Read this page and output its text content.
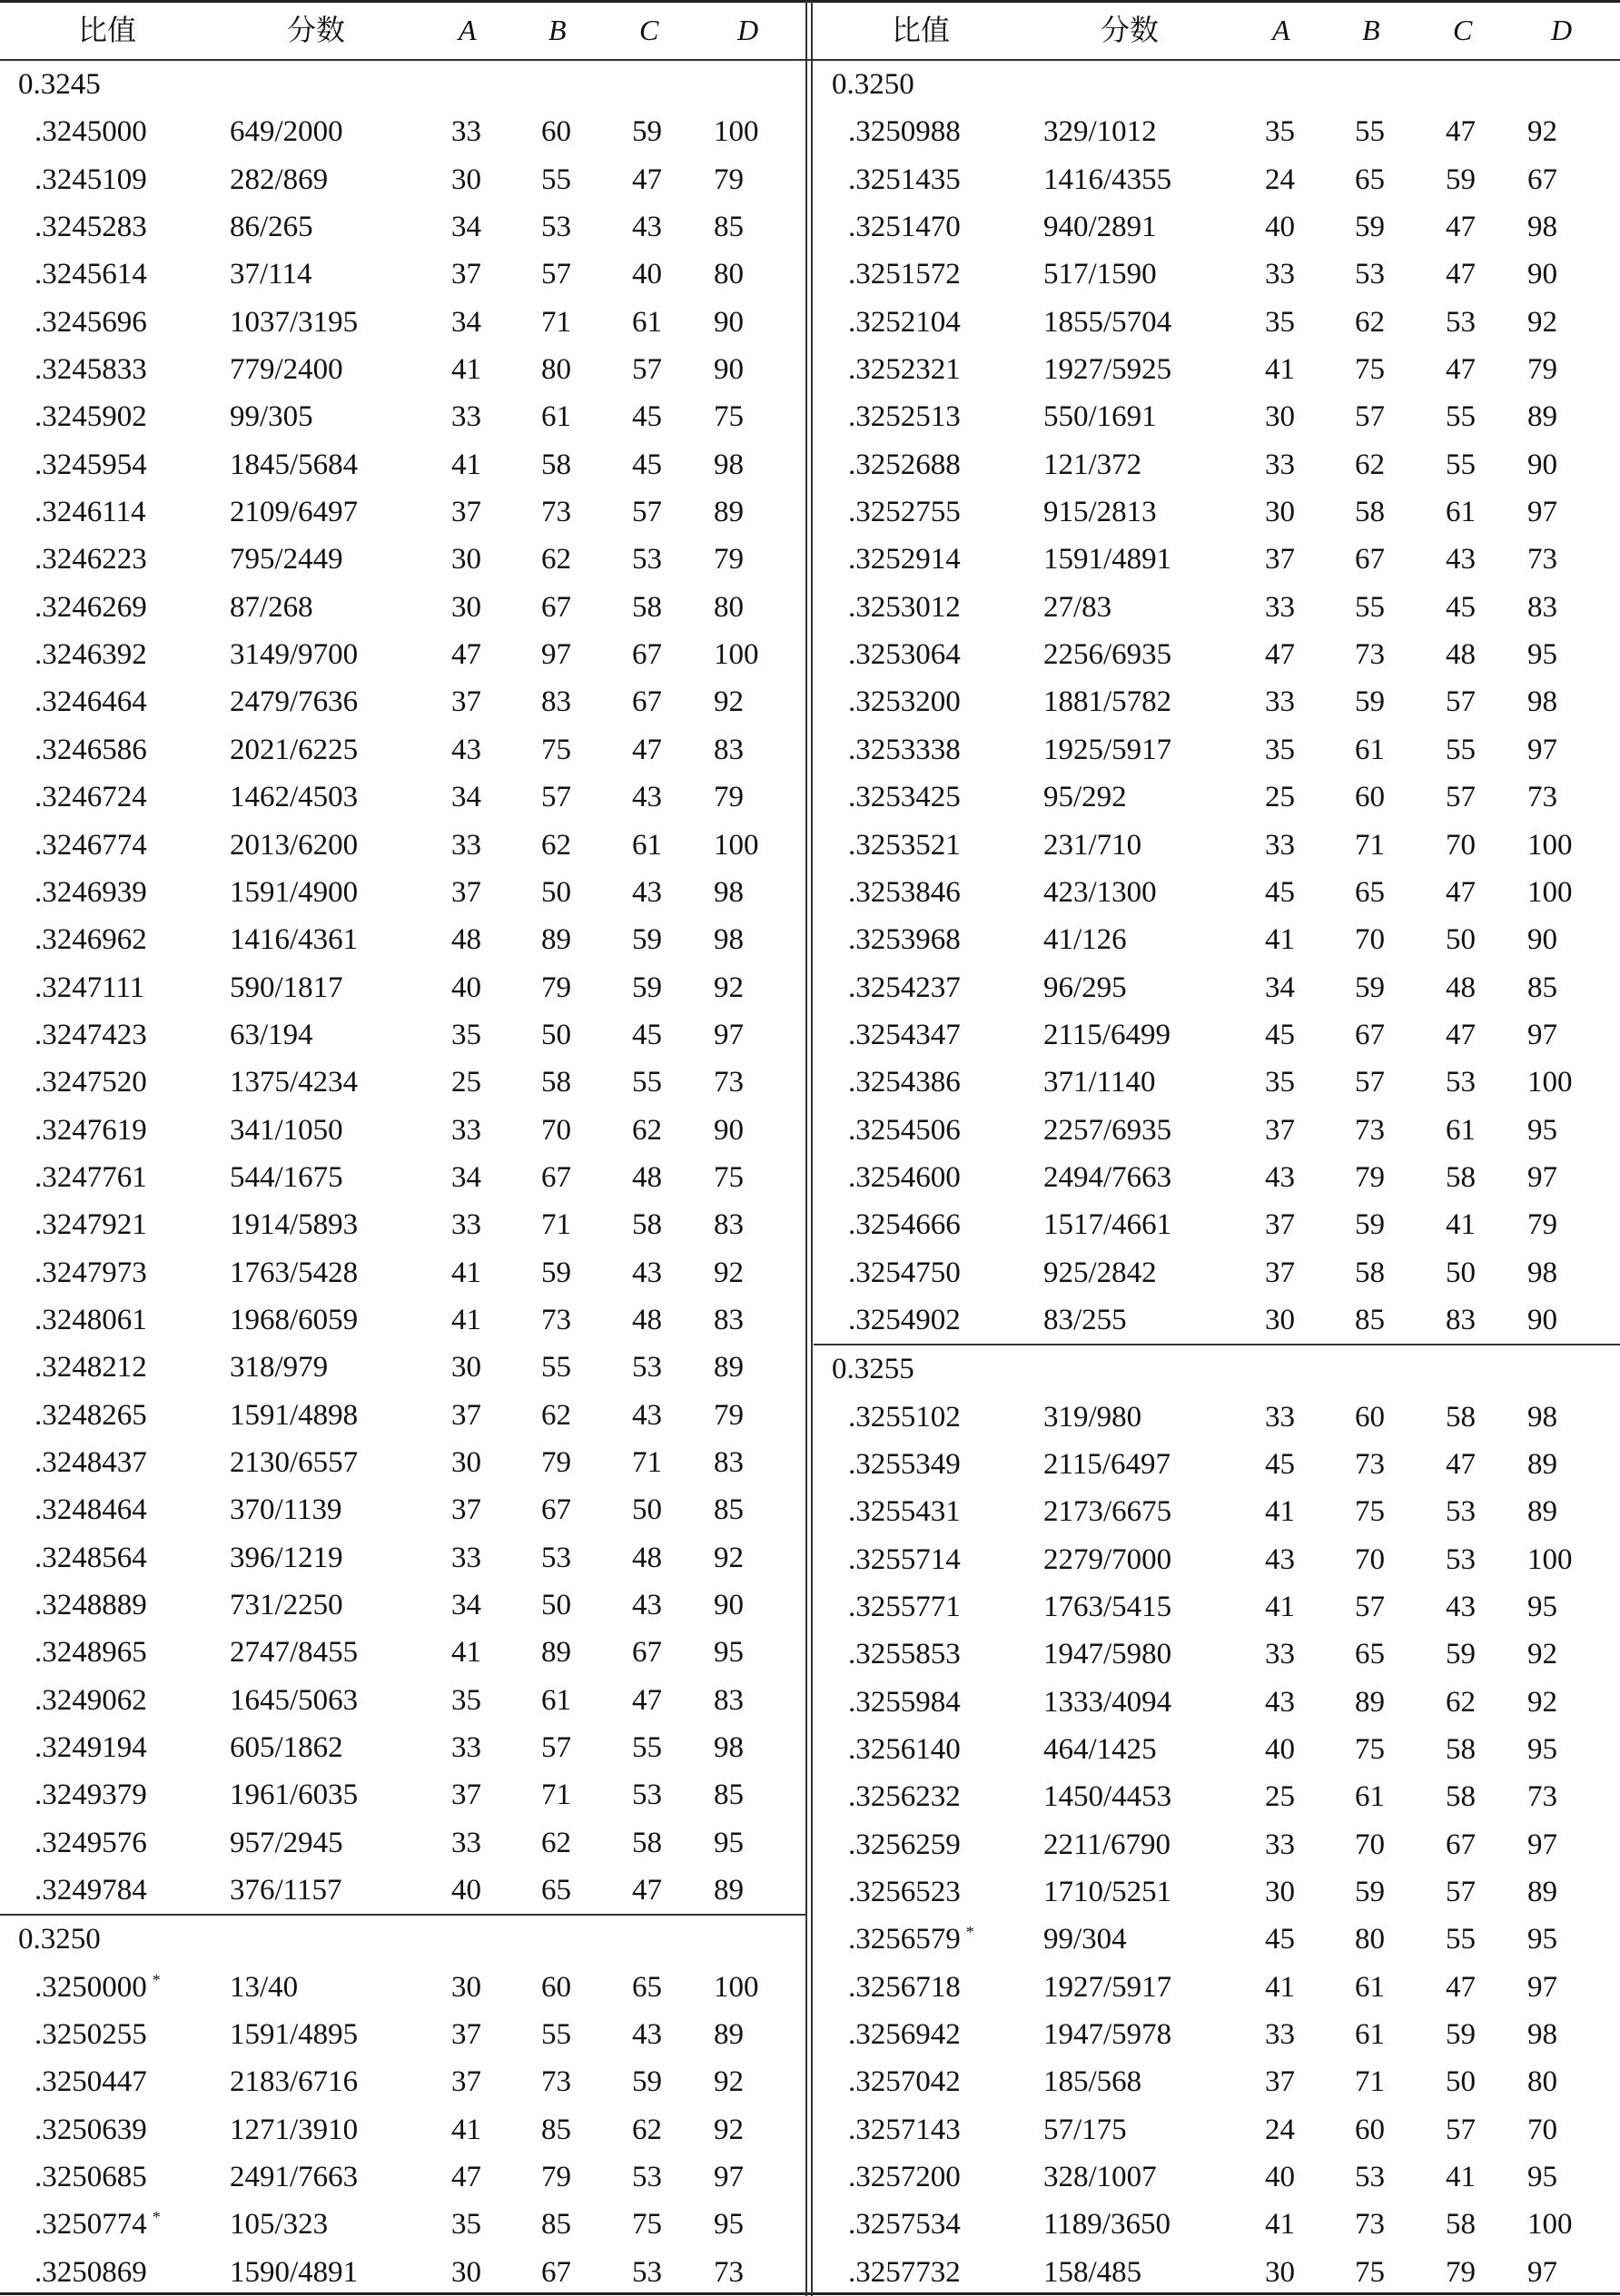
比值	分数	A B	C	D
0.3245
.3245000	649/2000	33 60 59 100
.3245109	282/869	30 55 47 79
.3245283	86/265	34 53 43 85
.3245614	37/114	37 57 40 80
.3245696	1037/3195	34 71 61 90
.3245833	779/2400	41 80 57 90
.3245902	99/305	33 61 45 75
.3245954	1845/5684	41 58 45 98
.3246114	2109/6497	37 73 57 89
.3246223	795/2449	30 62 53 79
.3246269	87/268	30 67 58 80
.3246392	3149/9700	47 97 67 100
.3246464	2479/7636	37 83 67 92
.3246586	2021/6225	43 75 47 83
.3246724	1462/4503	34 57 43 79
.3246774	2013/6200	33 62 61 100
.3246939	1591/4900	37 50 43 98
.3246962	1416/4361	48 89 59 98
.3247111	590/1817	40 79 59 92
.3247423	63/194	35 50 45 97
.3247520	1375/4234	25 58 55 73
.3247619	341/1050	33 70 62 90
.3247761	544/1675	34 67 48 75
.3247921	1914/5893	33 71 58 83
.3247973	1763/5428	41 59 43 92
.3248061	1968/6059	41 73 48 83
.3248212	318/979	30 55 53 89
.3248265	1591/4898	37 62 43 79
.3248437	2130/6557	30 79 71 83
.3248464	370/1139	37 67 50 85
.3248564	396/1219	33 53 48 92
.3248889	731/2250	34 50 43 90
.3248965	2747/8455	41 89 67 95
.3249062	1645/5063	35 61 47 83
.3249194	605/1862	33 57 55 98
.3249379	1961/6035	37 71 53 85
.3249576	957/2945	33 62 58 95
.3249784	376/1157	40 65 47 89
0.3250
.3250000 * 13/40	30 60 65 100
.3250255	1591/4895	37 55 43 89
.3250447	2183/6716	37 73 59 92
.3250639	1271/3910	41 85 62 92
.3250685	2491/7663	47 79 53 97
.3250774 * 105/323	35 85 75 95
.3250869	1590/4891	30 67 53 73
比值	分数	A B	C	D
0.3250
.3250988	329/1012	35 55 47 92
.3251435	1416/4355	24 65 59 67
.3251470	940/2891	40 59 47 98
.3251572	517/1590	33 53 47 90
.3252104	1855/5704	35 62 53 92
.3252321	1927/5925	41 75 47 79
.3252513	550/1691	30 57 55 89
.3252688	121/372	33 62 55 90
.3252755	915/2813	30 58 61 97
.3252914	1591/4891	37 67 43 73
.3253012	27/83	33 55 45 83
.3253064	2256/6935	47 73 48 95
.3253200	1881/5782	33 59 57 98
.3253338	1925/5917	35 61 55 97
.3253425	95/292	25 60 57 73
.3253521	231/710	33 71 70 100
.3253846	423/1300	45 65 47 100
.3253968	41/126	41 70 50 90
.3254237	96/295	34 59 48 85
.3254347	2115/6499	45 67 47 97
.3254386	371/1140	35 57 53 100
.3254506	2257/6935	37 73 61 95
.3254600	2494/7663	43 79 58 97
.3254666	1517/4661	37 59 41 79
.3254750	925/2842	37 58 50 98
.3254902	83/255	30 85 83 90
0.3255
.3255102	319/980	33 60 58 98
.3255349	2115/6497	45 73 47 89
.3255431	2173/6675	41 75 53 89
.3255714	2279/7000	43 70 53 100
.3255771	1763/5415	41 57 43 95
.3255853	1947/5980	33 65 59 92
.3255984	1333/4094	43 89 62 92
.3256140	464/1425	40 75 58 95
.3256232	1450/4453	25 61 58 73
.3256259	2211/6790	33 70 67 97
.3256523	1710/5251	30 59 57 89
.3256579 * 99/304	45 80 55 95
.3256718	1927/5917	41 61 47 97
.3256942	1947/5978	33 61 59 98
.3257042	185/568	37 71 50 80
.3257143	57/175	24 60 57 70
.3257200	328/1007	40 53 41 95
.3257534	1189/3650	41 73 58 100
.3257732	158/485	30 75 79 97
